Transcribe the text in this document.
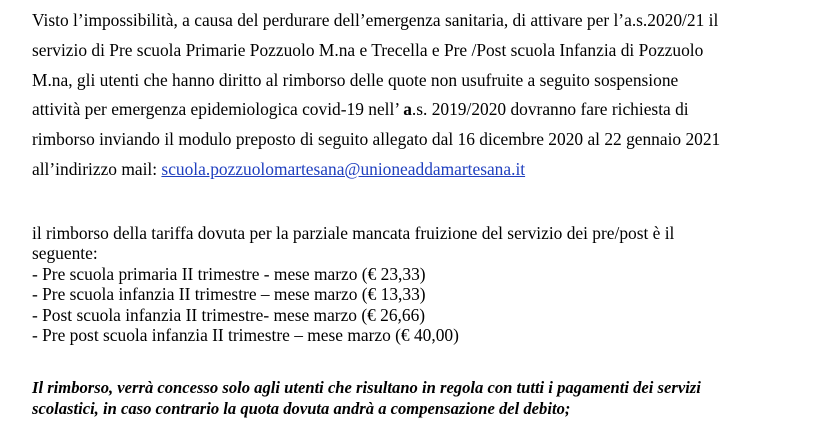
Visto l’impossibilità, a causa del perdurare dell’emergenza sanitaria, di attivare per l’a.s.2020/21 il
servizio di Pre scuola Primarie Pozzuolo M.na e Trecella e Pre /Post scuola Infanzia di Pozzuolo
M.na, gli utenti che hanno diritto al rimborso delle quote non usufruite a seguito sospensione
attività per emergenza epidemiologica covid-19 nell’ a.s. 2019/2020 dovranno fare richiesta di
rimborso inviando il modulo preposto di seguito allegato dal 16 dicembre 2020 al 22 gennaio 2021
all’indirizzo mail: scuola.pozzuolomartesana@unioneaddamartesana.it
il rimborso della tariffa dovuta per la parziale mancata fruizione del servizio dei pre/post è il
seguente:
- Pre scuola primaria II trimestre - mese marzo (€ 23,33)
- Pre scuola infanzia II trimestre – mese marzo (€ 13,33)
- Post scuola infanzia II trimestre- mese marzo (€ 26,66)
- Pre post scuola infanzia II trimestre – mese marzo (€ 40,00)
Il rimborso, verrà concesso solo agli utenti che risultano in regola con tutti i pagamenti dei servizi
scolastici, in caso contrario la quota dovuta andrà a compensazione del debito;
